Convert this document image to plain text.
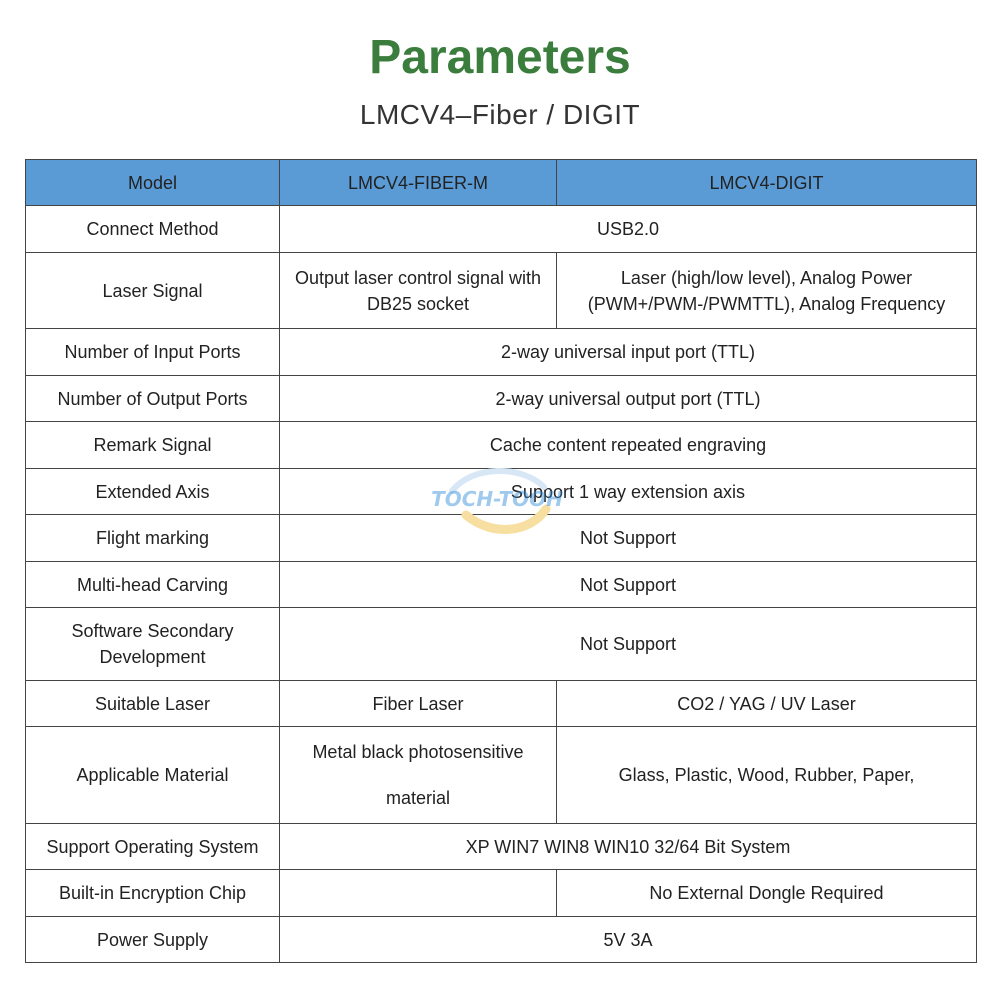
Parameters
LMCV4–Fiber / DIGIT
Model	LMCV4-FIBER-M	LMCV4-DIGIT
Connect Method	USB2.0	
Laser Signal	Output laser control signal with DB25 socket	Laser (high/low level), Analog Power (PWM+/PWM-/PWMTTL), Analog Frequency
Number of Input Ports	2-way universal input port (TTL)	
Number of Output Ports	2-way universal output port (TTL)	
Remark Signal	Cache content repeated engraving	
Extended Axis	Support 1 way extension axis	
Flight marking	Not Support	
Multi-head Carving	Not Support	
Software Secondary Development	Not Support	
Suitable Laser	Fiber Laser	CO2 / YAG / UV Laser
Applicable Material	Metal black photosensitive material	Glass, Plastic, Wood, Rubber, Paper,
Support Operating System	XP WIN7 WIN8 WIN10 32/64 Bit System	
Built-in Encryption Chip		No External Dongle Required
Power Supply	5V 3A	
TOCH-TOOH
